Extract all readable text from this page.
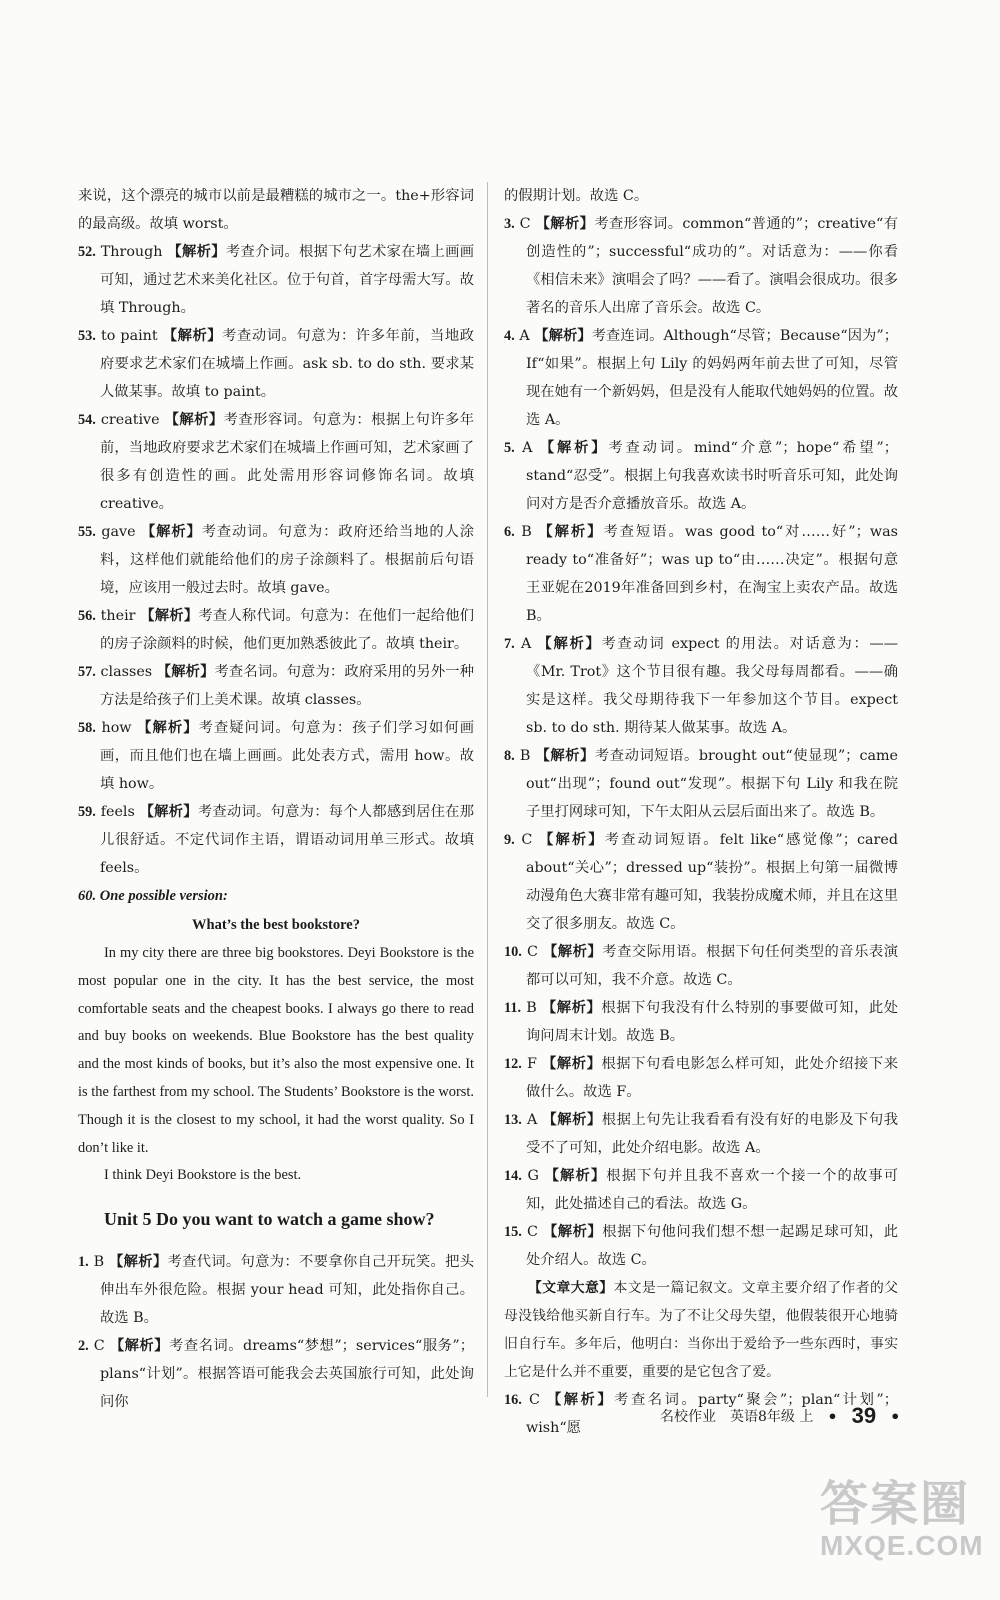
来说，这个漂亮的城市以前是最糟糕的城市之一。the+形容词的最高级。故填 worst。

52. Through 【解析】考查介词。根据下句艺术家在墙上画画可知，通过艺术来美化社区。位于句首，首字母需大写。故填 Through。

53. to paint 【解析】考查动词。句意为：许多年前，当地政府要求艺术家们在城墙上作画。ask sb. to do sth. 要求某人做某事。故填 to paint。

54. creative 【解析】考查形容词。句意为：根据上句许多年前，当地政府要求艺术家们在城墙上作画可知，艺术家画了很多有创造性的画。此处需用形容词修饰名词。故填 creative。

55. gave 【解析】考查动词。句意为：政府还给当地的人涂料，这样他们就能给他们的房子涂颜料了。根据前后句语境，应该用一般过去时。故填 gave。

56. their 【解析】考查人称代词。句意为：在他们一起给他们的房子涂颜料的时候，他们更加熟悉彼此了。故填 their。

57. classes 【解析】考查名词。句意为：政府采用的另外一种方法是给孩子们上美术课。故填 classes。

58. how 【解析】考查疑问词。句意为：孩子们学习如何画画，而且他们也在墙上画画。此处表方式，需用 how。故填 how。

59. feels 【解析】考查动词。句意为：每个人都感到居住在那儿很舒适。不定代词作主语，谓语动词用单三形式。故填 feels。

60. One possible version:

What’s the best bookstore?

In my city there are three big bookstores. Deyi Bookstore is the most popular one in the city. It has the best service, the most comfortable seats and the cheapest books. I always go there to read and buy books on weekends. Blue Bookstore has the best quality and the most kinds of books, but it’s also the most expensive one. It is the farthest from my school. The Students’ Bookstore is the worst. Though it is the closest to my school, it had the worst quality. So I don’t like it.

I think Deyi Bookstore is the best.

Unit 5 Do you want to watch a game show?

1. B 【解析】考查代词。句意为：不要拿你自己开玩笑。把头伸出车外很危险。根据 your head 可知，此处指你自己。故选 B。

2. C 【解析】考查名词。dreams“梦想”；services“服务”；plans“计划”。根据答语可能我会去英国旅行可知，此处询问你

的假期计划。故选 C。

3. C 【解析】考查形容词。common“普通的”；creative“有创造性的”；successful“成功的”。对话意为：——你看《相信未来》演唱会了吗？——看了。演唱会很成功。很多著名的音乐人出席了音乐会。故选 C。

4. A 【解析】考查连词。Although“尽管；Because“因为”；If“如果”。根据上句 Lily 的妈妈两年前去世了可知，尽管现在她有一个新妈妈，但是没有人能取代她妈妈的位置。故选 A。

5. A 【解析】考查动词。mind“介意”；hope“希望”；stand“忍受”。根据上句我喜欢读书时听音乐可知，此处询问对方是否介意播放音乐。故选 A。

6. B 【解析】考查短语。was good to“对……好”；was ready to“准备好”；was up to“由……决定”。根据句意王亚妮在2019年准备回到乡村，在淘宝上卖农产品。故选 B。

7. A 【解析】考查动词 expect 的用法。对话意为：——《Mr. Trot》这个节目很有趣。我父母每周都看。——确实是这样。我父母期待我下一年参加这个节目。expect sb. to do sth. 期待某人做某事。故选 A。

8. B 【解析】考查动词短语。brought out“使显现”；came out“出现”；found out“发现”。根据下句 Lily 和我在院子里打网球可知，下午太阳从云层后面出来了。故选 B。

9. C 【解析】考查动词短语。felt like“感觉像”；cared about“关心”；dressed up“装扮”。根据上句第一届微博动漫角色大赛非常有趣可知，我装扮成魔术师，并且在这里交了很多朋友。故选 C。

10. C 【解析】考查交际用语。根据下句任何类型的音乐表演都可以可知，我不介意。故选 C。

11. B 【解析】根据下句我没有什么特别的事要做可知，此处询问周末计划。故选 B。

12. F 【解析】根据下句看电影怎么样可知，此处介绍接下来做什么。故选 F。

13. A 【解析】根据上句先让我看看有没有好的电影及下句我受不了可知，此处介绍电影。故选 A。

14. G 【解析】根据下句并且我不喜欢一个接一个的故事可知，此处描述自己的看法。故选 G。

15. C 【解析】根据下句他问我们想不想一起踢足球可知，此处介绍人。故选 C。

【文章大意】本文是一篇记叙文。文章主要介绍了作者的父母没钱给他买新自行车。为了不让父母失望，他假装很开心地骑旧自行车。多年后，他明白：当你出于爱给予一些东西时，事实上它是什么并不重要，重要的是它包含了爱。

16. C 【解析】考查名词。party“聚会”；plan“计划”；wish“愿

名校作业 英语8年级 上 • 39 •
答案圈
MXQE.COM
